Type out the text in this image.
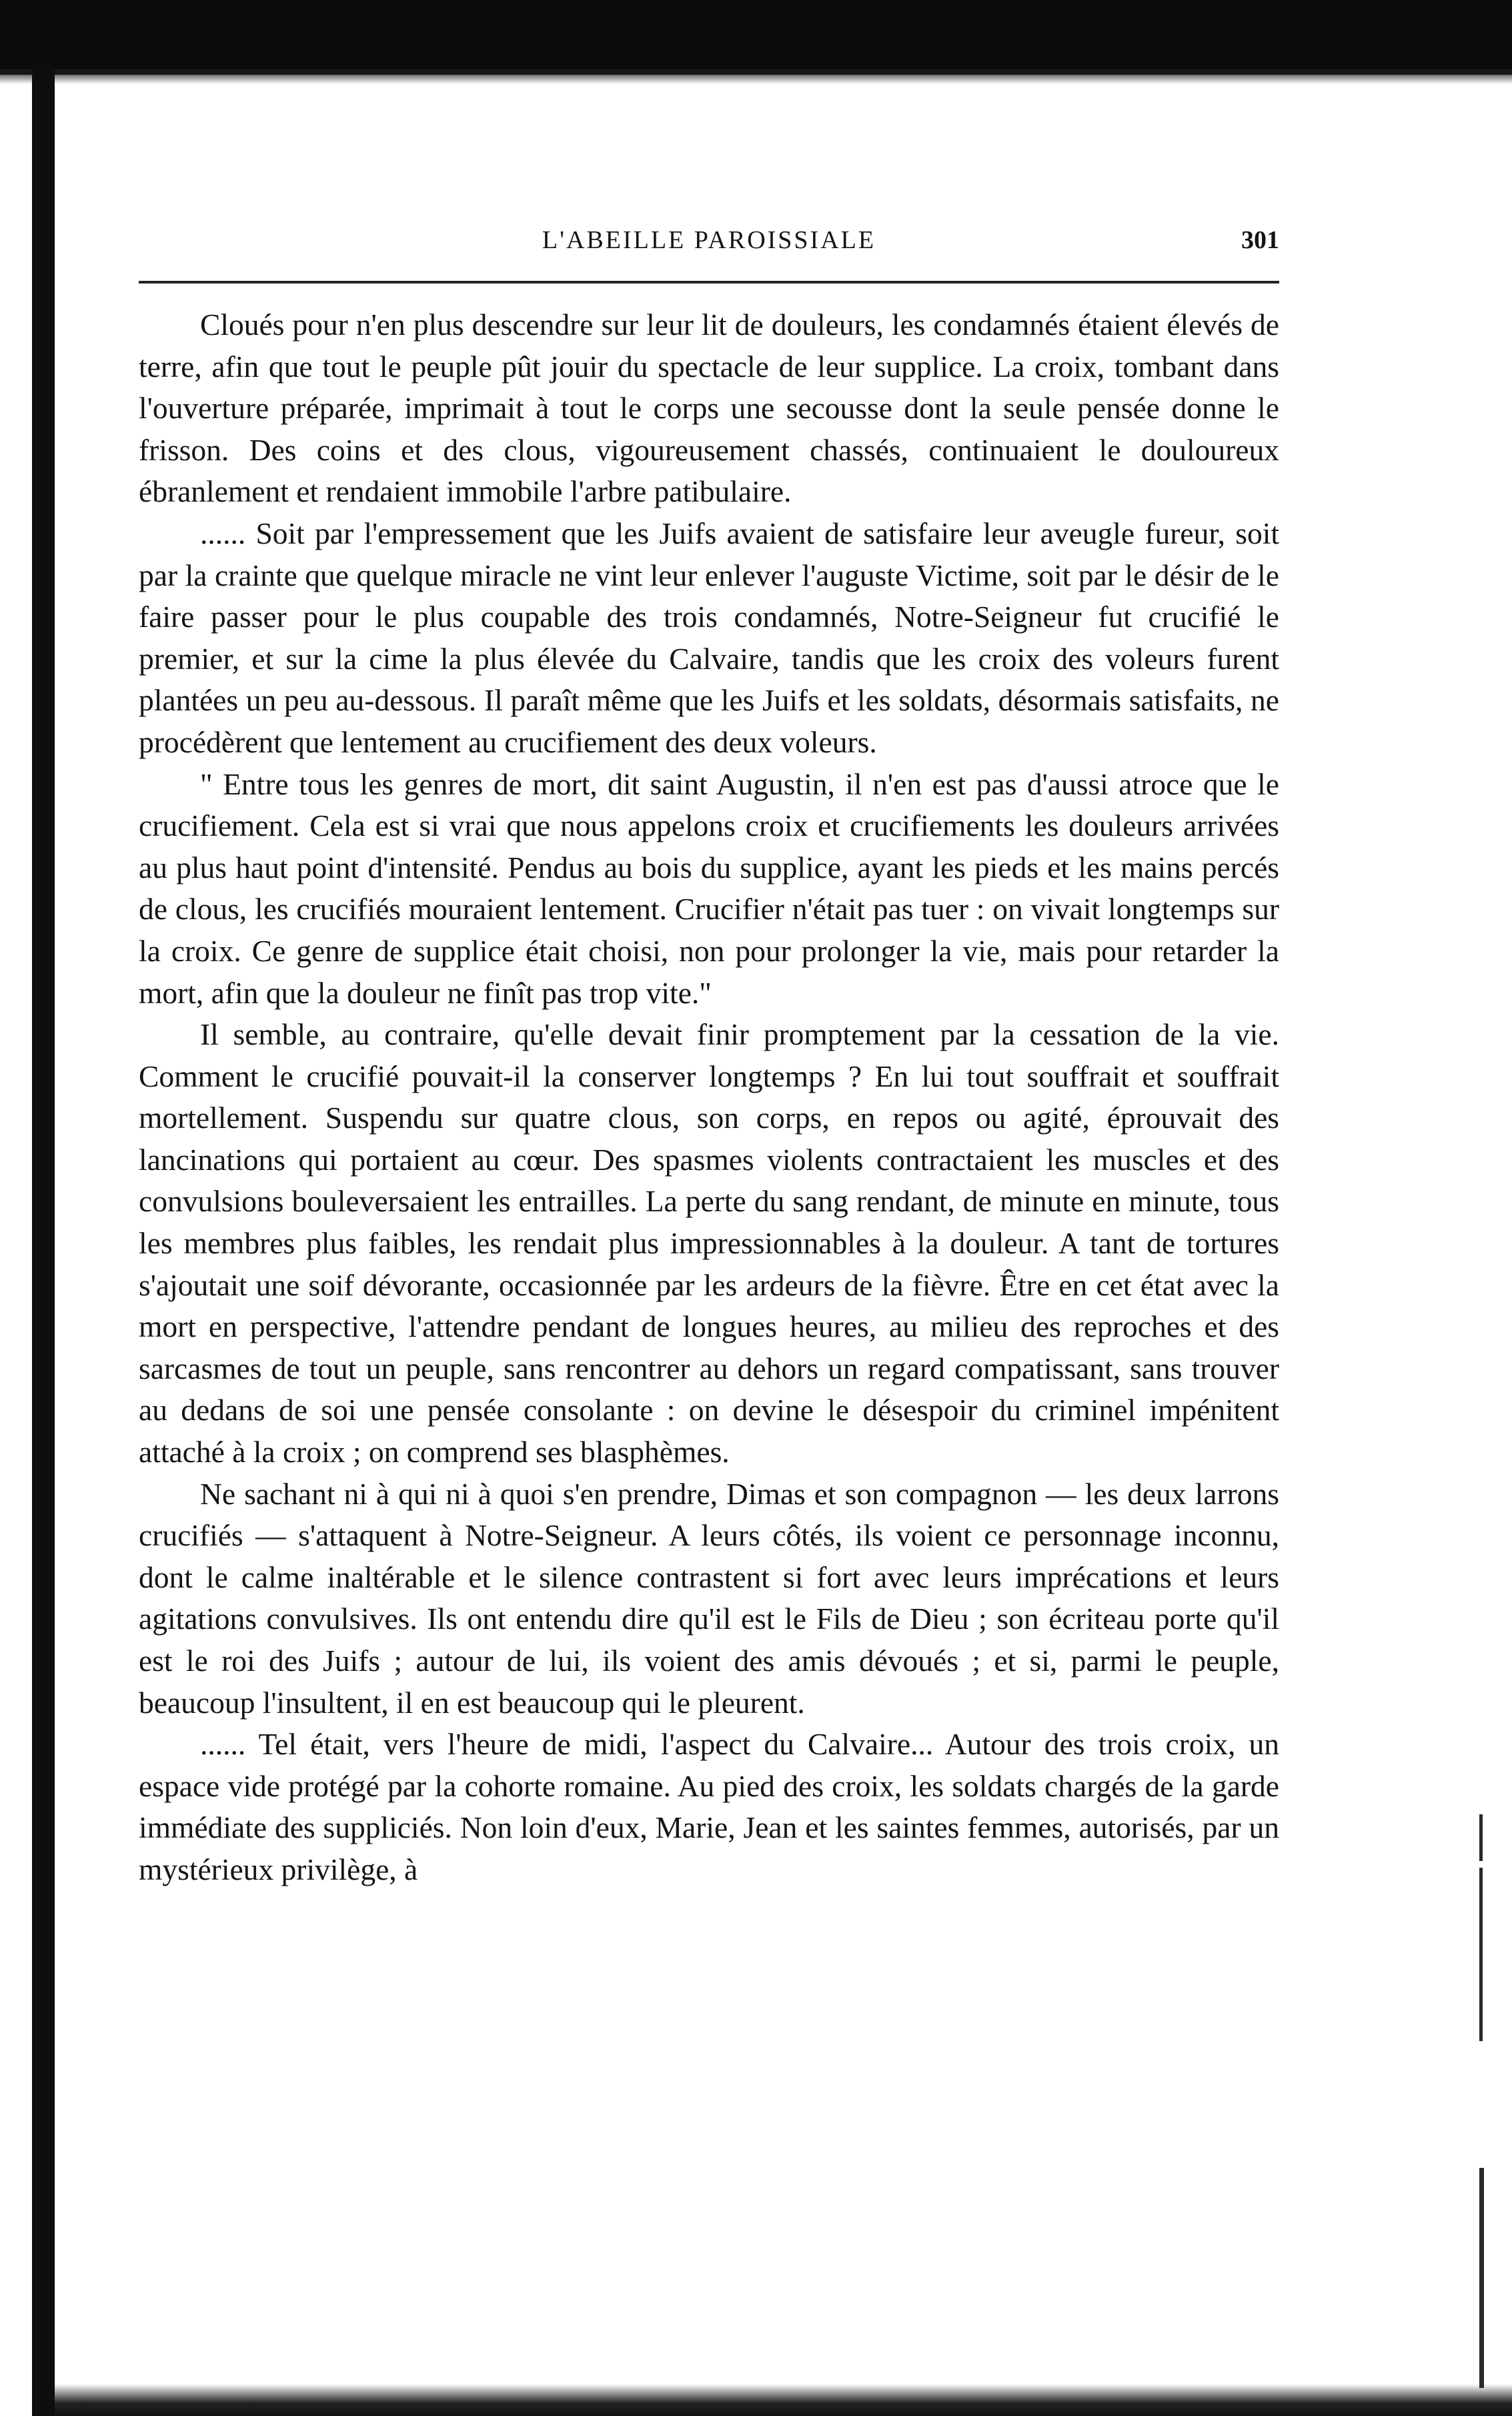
L'ABEILLE PAROISSIALE	301

Cloués pour n'en plus descendre sur leur lit de douleurs, les condamnés étaient élevés de terre, afin que tout le peuple pût jouir du spectacle de leur supplice. La croix, tombant dans l'ouverture préparée, imprimait à tout le corps une secousse dont la seule pensée donne le frisson. Des coins et des clous, vigoureusement chassés, continuaient le douloureux ébranlement et rendaient immobile l'arbre patibulaire.

...... Soit par l'empressement que les Juifs avaient de satisfaire leur aveugle fureur, soit par la crainte que quelque miracle ne vint leur enlever l'auguste Victime, soit par le désir de le faire passer pour le plus coupable des trois condamnés, Notre-Seigneur fut crucifié le premier, et sur la cime la plus élevée du Calvaire, tandis que les croix des voleurs furent plantées un peu au-dessous. Il paraît même que les Juifs et les soldats, désormais satisfaits, ne procédèrent que lentement au crucifiement des deux voleurs.

" Entre tous les genres de mort, dit saint Augustin, il n'en est pas d'aussi atroce que le crucifiement. Cela est si vrai que nous appelons croix et crucifiements les douleurs arrivées au plus haut point d'intensité. Pendus au bois du supplice, ayant les pieds et les mains percés de clous, les crucifiés mouraient lentement. Crucifier n'était pas tuer : on vivait longtemps sur la croix. Ce genre de supplice était choisi, non pour prolonger la vie, mais pour retarder la mort, afin que la douleur ne finît pas trop vite."

Il semble, au contraire, qu'elle devait finir promptement par la cessation de la vie. Comment le crucifié pouvait-il la conserver longtemps ? En lui tout souffrait et souffrait mortellement. Suspendu sur quatre clous, son corps, en repos ou agité, éprouvait des lancinations qui portaient au cœur. Des spasmes violents contractaient les muscles et des convulsions bouleversaient les entrailles. La perte du sang rendant, de minute en minute, tous les membres plus faibles, les rendait plus impressionnables à la douleur. A tant de tortures s'ajoutait une soif dévorante, occasionnée par les ardeurs de la fièvre. Être en cet état avec la mort en perspective, l'attendre pendant de longues heures, au milieu des reproches et des sarcasmes de tout un peuple, sans rencontrer au dehors un regard compatissant, sans trouver au dedans de soi une pensée consolante : on devine le désespoir du criminel impénitent attaché à la croix ; on comprend ses blasphèmes.

Ne sachant ni à qui ni à quoi s'en prendre, Dimas et son compagnon — les deux larrons crucifiés — s'attaquent à Notre-Seigneur. A leurs côtés, ils voient ce personnage inconnu, dont le calme inaltérable et le silence contrastent si fort avec leurs imprécations et leurs agitations convulsives. Ils ont entendu dire qu'il est le Fils de Dieu ; son écriteau porte qu'il est le roi des Juifs ; autour de lui, ils voient des amis dévoués ; et si, parmi le peuple, beaucoup l'insultent, il en est beaucoup qui le pleurent.

...... Tel était, vers l'heure de midi, l'aspect du Calvaire... Autour des trois croix, un espace vide protégé par la cohorte romaine. Au pied des croix, les soldats chargés de la garde immédiate des suppliciés. Non loin d'eux, Marie, Jean et les saintes femmes, autorisés, par un mystérieux privilège, à
